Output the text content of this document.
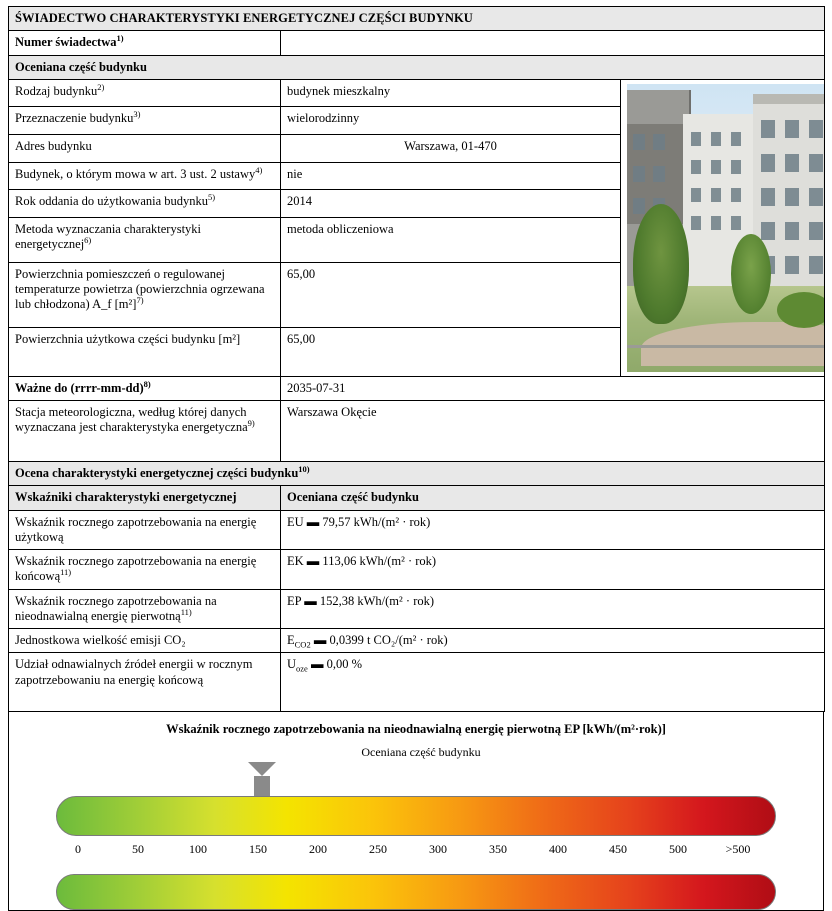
ŚWIADECTWO CHARAKTERYSTYKI ENERGETYCZNEJ CZĘŚCI BUDYNKU		
Numer świadectwa$^{1)}$	
Oceniana część budynku		
Rodzaj budynku$^{2)}$	budynek mieszkalny	

Przeznaczenie budynku$^{3)}$	wielorodzinny	
Adres budynku	Warszawa, 01-470	
Budynek, o którym mowa w art. 3 ust. 2 ustawy$^{4)}$	nie	
Rok oddania do użytkowania budynku$^{5)}$	2014	
Metoda wyznaczania charakterystyki energetycznej$^{6)}$	metoda obliczeniowa	
Powierzchnia pomieszczeń o regulowanej temperaturze powietrza (powierzchnia ogrzewana lub chłodzona) A_f $[m^2]^{7)}$	65,00	
Powierzchnia użytkowa części budynku [m²]	65,00	
Ważne do (rrrr-mm-dd)$^{8)}$	2035-07-31	
Stacja meteorologiczna, według której danych wyznaczana jest charakterystyka energetyczna$^{9)}$	Warszawa Okęcie	
Ocena charakterystyki energetycznej części budynku$^{10)}$
Wskaźniki charakterystyki energetycznej	Oceniana część budynku	
Wskaźnik rocznego zapotrzebowania na energię użytkową	EU ▬ 79,57 kWh/(m² · rok)	
Wskaźnik rocznego zapotrzebowania na energię końcową$^{11)}$	EK ▬ 113,06 kWh/(m² · rok)	
Wskaźnik rocznego zapotrzebowania na nieodnawialną energię pierwotną$^{11)}$	EP ▬ 152,38 kWh/(m² · rok)	
Jednostkowa wielkość emisji CO₂	$E_{CO2}$ ▬ 0,0399 t CO₂/(m² · rok)	
Udział odnawialnych źródeł energii w rocznym zapotrzebowaniu na energię końcową	$U_{oze}$ ▬ 0,00 %	
Wskaźnik rocznego zapotrzebowania na nieodnawialną energię pierwotną EP [kWh/(m²·rok)]
Oceniana część budynku
0	50	100	150	200	250	300	350	400	450	500	>500
